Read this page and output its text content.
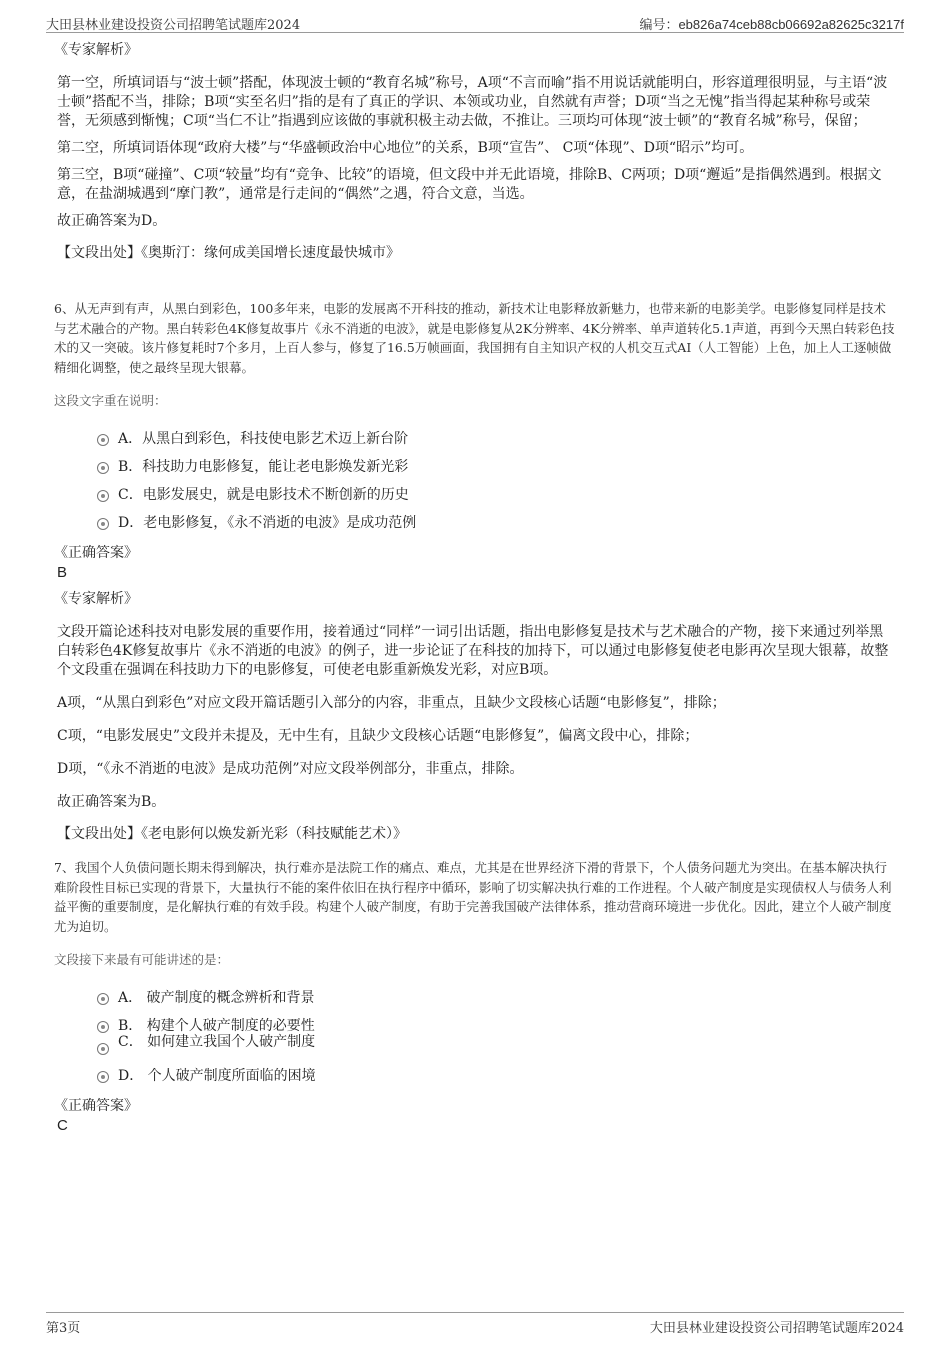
大田县林业建设投资公司招聘笔试题库2024	编号：eb826a74ceb88cb06692a82625c3217f
《专家解析》

第一空，所填词语与“波士顿”搭配，体现波士顿的“教育名城”称号，A项“不言而喻”指不用说话就能明白，形容道理很明显，与主语“波士顿”搭配不当，排除；B项“实至名归”指的是有了真正的学识、本领或功业，自然就有声誉；D项“当之无愧”指当得起某种称号或荣誉，无须感到惭愧；C项“当仁不让”指遇到应该做的事就积极主动去做，不推让。三项均可体现“波士顿”的“教育名城”称号，保留；

第二空，所填词语体现“政府大楼”与“华盛顿政治中心地位”的关系，B项“宣告”、 C项“体现”、D项“昭示”均可。

第三空，B项“碰撞”、C项“较量”均有“竞争、比较”的语境，但文段中并无此语境，排除B、C两项；D项“邂逅”是指偶然遇到。根据文意，在盐湖城遇到“摩门教”，通常是行走间的“偶然”之遇，符合文意，当选。

故正确答案为D。

【文段出处】《奥斯汀：缘何成美国增长速度最快城市》

6、从无声到有声，从黑白到彩色，100多年来，电影的发展离不开科技的推动，新技术让电影释放新魅力，也带来新的电影美学。电影修复同样是技术与艺术融合的产物。黑白转彩色4K修复故事片《永不消逝的电波》，就是电影修复从2K分辨率、4K分辨率、单声道转化5.1声道，再到今天黑白转彩色技术的又一突破。该片修复耗时7个多月，上百人参与，修复了16.5万帧画面，我国拥有自主知识产权的人机交互式AI（人工智能）上色，加上人工逐帧做精细化调整，使之最终呈现大银幕。

这段文字重在说明：

A．从黑白到彩色，科技使电影艺术迈上新台阶
B．科技助力电影修复，能让老电影焕发新光彩
C．电影发展史，就是电影技术不断创新的历史
D．老电影修复，《永不消逝的电波》是成功范例
《正确答案》
B
《专家解析》

文段开篇论述科技对电影发展的重要作用，接着通过“同样”一词引出话题，指出电影修复是技术与艺术融合的产物，接下来通过列举黑白转彩色4K修复故事片《永不消逝的电波》的例子，进一步论证了在科技的加持下，可以通过电影修复使老电影再次呈现大银幕，故整个文段重在强调在科技助力下的电影修复，可使老电影重新焕发光彩，对应B项。

A项，“从黑白到彩色”对应文段开篇话题引入部分的内容，非重点，且缺少文段核心话题“电影修复”，排除；

C项，“电影发展史”文段并未提及，无中生有，且缺少文段核心话题“电影修复”，偏离文段中心，排除；

D项，“《永不消逝的电波》是成功范例”对应文段举例部分，非重点，排除。

故正确答案为B。

【文段出处】《老电影何以焕发新光彩（科技赋能艺术）》

7、我国个人负债问题长期未得到解决，执行难亦是法院工作的痛点、难点，尤其是在世界经济下滑的背景下，个人债务问题尤为突出。在基本解决执行难阶段性目标已实现的背景下，大量执行不能的案件依旧在执行程序中循环，影响了切实解决执行难的工作进程。个人破产制度是实现债权人与债务人利益平衡的重要制度，是化解执行难的有效手段。构建个人破产制度，有助于完善我国破产法律体系，推动营商环境进一步优化。因此，建立个人破产制度尤为迫切。

文段接下来最有可能讲述的是：

A． 破产制度的概念辨析和背景
B． 构建个人破产制度的必要性
C． 如何建立我国个人破产制度
D． 个人破产制度所面临的困境
《正确答案》
C
第3页	大田县林业建设投资公司招聘笔试题库2024
